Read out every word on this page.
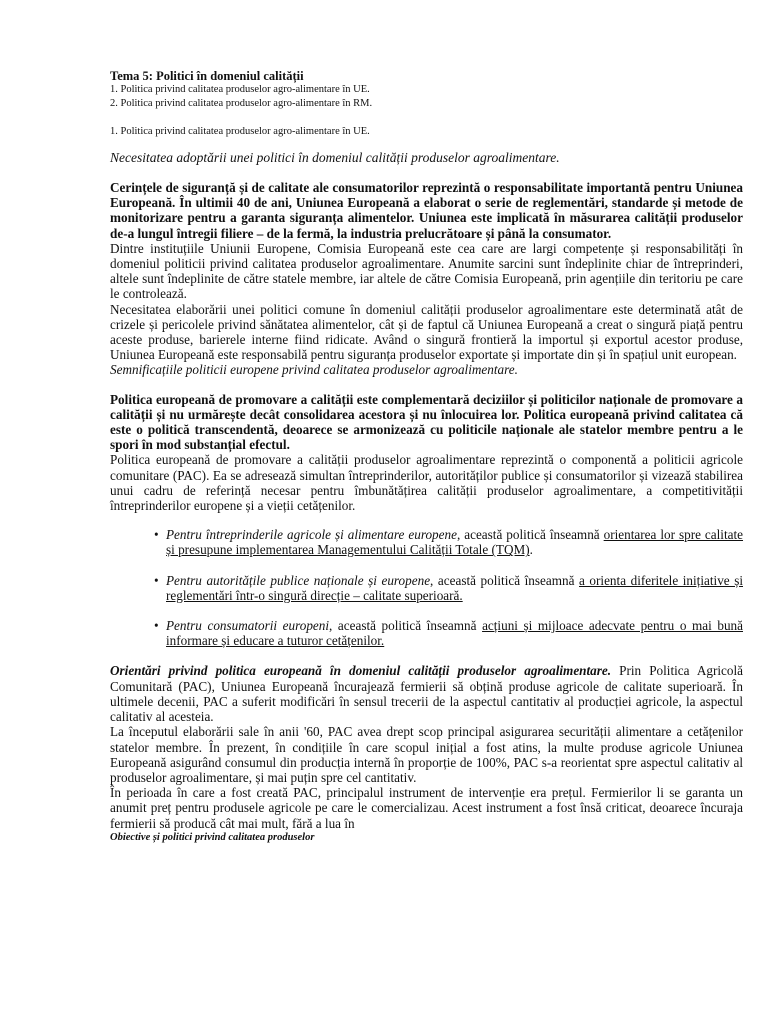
Tema 5: Politici în domeniul calității

1. Politica privind calitatea produselor agro-alimentare în UE.

2. Politica privind calitatea produselor agro-alimentare în RM.

1. Politica privind calitatea produselor agro-alimentare în UE.

Necesitatea adoptării unei politici în domeniul calității produselor agroalimentare.

Cerințele de siguranță și de calitate ale consumatorilor reprezintă o responsabilitate importantă pentru Uniunea Europeană. În ultimii 40 de ani, Uniunea Europeană a elaborat o serie de reglementări, standarde și metode de monitorizare pentru a garanta siguranța alimentelor. Uniunea este implicată în măsurarea calității produselor de-a lungul întregii filiere – de la fermă, la industria prelucrătoare și până la consumator.

Dintre instituțiile Uniunii Europene, Comisia Europeană este cea care are largi competențe și responsabilități în domeniul politicii privind calitatea produselor agroalimentare. Anumite sarcini sunt îndeplinite chiar de întreprinderi, altele sunt îndeplinite de către statele membre, iar altele de către Comisia Europeană, prin agențiile din teritoriu pe care le controlează.

Necesitatea elaborării unei politici comune în domeniul calității produselor agroalimentare este determinată atât de crizele și pericolele privind sănătatea alimentelor, cât și de faptul că Uniunea Europeană a creat o singură piață pentru aceste produse, barierele interne fiind ridicate. Având o singură frontieră la importul și exportul acestor produse, Uniunea Europeană este responsabilă pentru siguranța produselor exportate și importate din și în spațiul unit european.

Semnificațiile politicii europene privind calitatea produselor agroalimentare.

Politica europeană de promovare a calității este complementară deciziilor și politicilor naționale de promovare a calității și nu urmărește decât consolidarea acestora și nu înlocuirea lor. Politica europeană privind calitatea că este o politică transcendentă, deoarece se armonizează cu politicile naționale ale statelor membre pentru a le spori în mod substanțial efectul.

Politica europeană de promovare a calității produselor agroalimentare reprezintă o componentă a politicii agricole comunitare (PAC). Ea se adresează simultan întreprinderilor, autorităților publice și consumatorilor și vizează stabilirea unui cadru de referință necesar pentru îmbunătățirea calității produselor agroalimentare, a competitivității întreprinderilor europene și a vieții cetățenilor.

• Pentru întreprinderile agricole și alimentare europene, această politică înseamnă orientarea lor spre calitate și presupune implementarea Managementului Calității Totale (TQM).
• Pentru autoritățile publice naționale și europene, această politică înseamnă a orienta diferitele inițiative și reglementări într-o singură direcție – calitate superioară.
• Pentru consumatorii europeni, această politică înseamnă acțiuni și mijloace adecvate pentru o mai bună informare și educare a tuturor cetățenilor.

Orientări privind politica europeană în domeniul calității produselor agroalimentare. Prin Politica Agricolă Comunitară (PAC), Uniunea Europeană încurajează fermierii să obțină produse agricole de calitate superioară. În ultimele decenii, PAC a suferit modificări în sensul trecerii de la aspectul cantitativ al producției agricole, la aspectul calitativ al acesteia.

La începutul elaborării sale în anii '60, PAC avea drept scop principal asigurarea securității alimentare a cetățenilor statelor membre. În prezent, în condițiile în care scopul inițial a fost atins, la multe produse agricole Uniunea Europeană asigurând consumul din producția internă în proporție de 100%, PAC s-a reorientat spre aspectul calitativ al produselor agroalimentare, și mai puțin spre cel cantitativ.

În perioada în care a fost creată PAC, principalul instrument de intervenție era prețul. Fermierilor li se garanta un anumit preț pentru produsele agricole pe care le comercializau. Acest instrument a fost însă criticat, deoarece încuraja fermierii să producă cât mai mult, fără a lua în

Obiective și politici privind calitatea produselor
